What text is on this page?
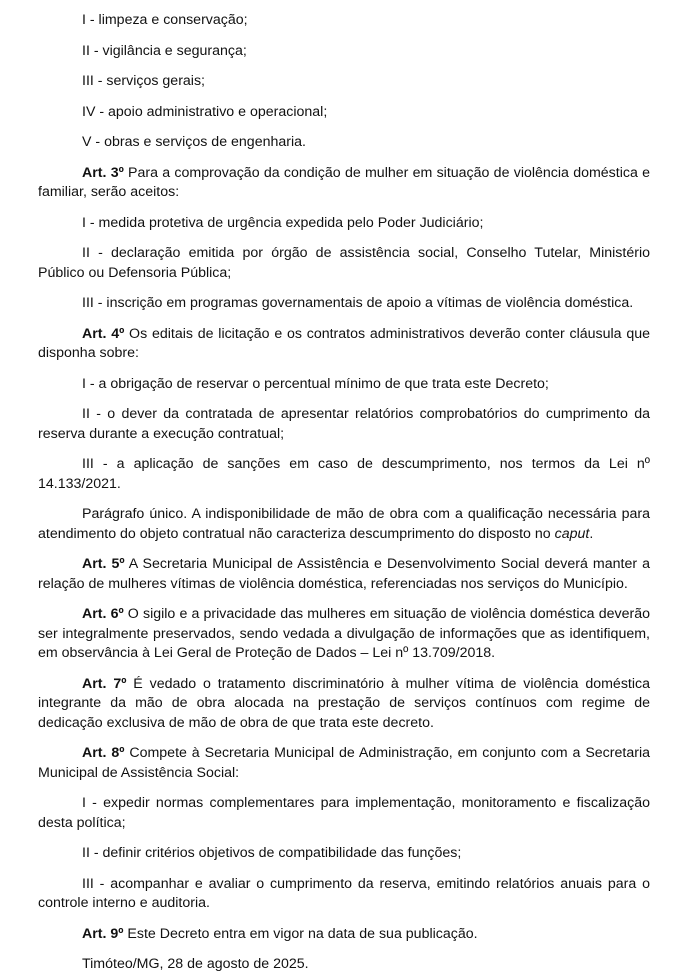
I - limpeza e conservação;

II - vigilância e segurança;

III - serviços gerais;

IV - apoio administrativo e operacional;

V - obras e serviços de engenharia.

Art. 3º Para a comprovação da condição de mulher em situação de violência doméstica e familiar, serão aceitos:

I - medida protetiva de urgência expedida pelo Poder Judiciário;

II - declaração emitida por órgão de assistência social, Conselho Tutelar, Ministério Público ou Defensoria Pública;

III - inscrição em programas governamentais de apoio a vítimas de violência doméstica.

Art. 4º Os editais de licitação e os contratos administrativos deverão conter cláusula que disponha sobre:

I - a obrigação de reservar o percentual mínimo de que trata este Decreto;

II - o dever da contratada de apresentar relatórios comprobatórios do cumprimento da reserva durante a execução contratual;

III - a aplicação de sanções em caso de descumprimento, nos termos da Lei nº 14.133/2021.

Parágrafo único. A indisponibilidade de mão de obra com a qualificação necessária para atendimento do objeto contratual não caracteriza descumprimento do disposto no caput.

Art. 5º A Secretaria Municipal de Assistência e Desenvolvimento Social deverá manter a relação de mulheres vítimas de violência doméstica, referenciadas nos serviços do Município.

Art. 6º O sigilo e a privacidade das mulheres em situação de violência doméstica deverão ser integralmente preservados, sendo vedada a divulgação de informações que as identifiquem, em observância à Lei Geral de Proteção de Dados – Lei nº 13.709/2018.

Art. 7º É vedado o tratamento discriminatório à mulher vítima de violência doméstica integrante da mão de obra alocada na prestação de serviços contínuos com regime de dedicação exclusiva de mão de obra de que trata este decreto.

Art. 8º Compete à Secretaria Municipal de Administração, em conjunto com a Secretaria Municipal de Assistência Social:

I - expedir normas complementares para implementação, monitoramento e fiscalização desta política;

II - definir critérios objetivos de compatibilidade das funções;

III - acompanhar e avaliar o cumprimento da reserva, emitindo relatórios anuais para o controle interno e auditoria.

Art. 9º Este Decreto entra em vigor na data de sua publicação.

Timóteo/MG, 28 de agosto de 2025.
